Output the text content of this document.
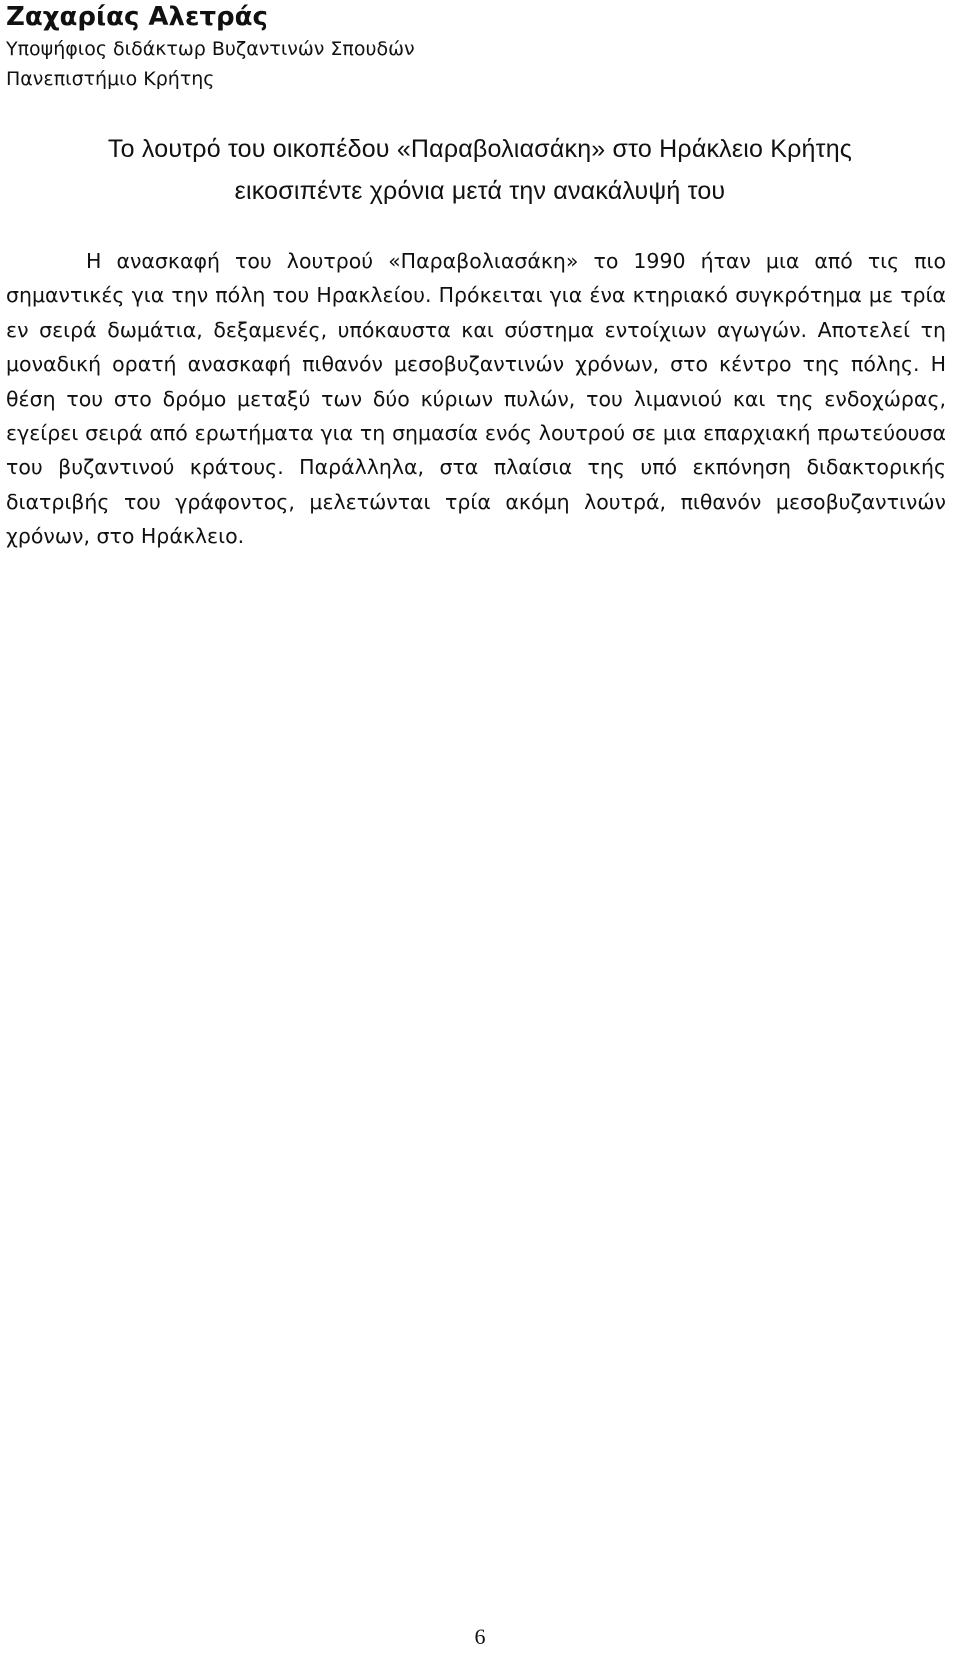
Ζαχαρίας Αλετράς

Υποψήφιος διδάκτωρ Βυζαντινών Σπουδών

Πανεπιστήμιο Κρήτης

Το λουτρό του οικοπέδου «Παραβολιασάκη» στο Ηράκλειο Κρήτης

εικοσιπέντε χρόνια μετά την ανακάλυψή του

Η ανασκαφή του λουτρού «Παραβολιασάκη» το 1990 ήταν μια από τις πιο σημαντικές για την πόλη του Ηρακλείου. Πρόκειται για ένα κτηριακό συγκρότημα με τρία εν σειρά δωμάτια, δεξαμενές, υπόκαυστα και σύστημα εντοίχιων αγωγών. Αποτελεί τη μοναδική ορατή ανασκαφή πιθανόν μεσοβυζαντινών χρόνων, στο κέντρο της πόλης. Η θέση του στο δρόμο μεταξύ των δύο κύριων πυλών, του λιμανιού και της ενδοχώρας, εγείρει σειρά από ερωτήματα για τη σημασία ενός λουτρού σε μια επαρχιακή πρωτεύουσα του βυζαντινού κράτους. Παράλληλα, στα πλαίσια της υπό εκπόνηση διδακτορικής διατριβής του γράφοντος, μελετώνται τρία ακόμη λουτρά, πιθανόν μεσοβυζαντινών χρόνων, στο Ηράκλειο.

6
